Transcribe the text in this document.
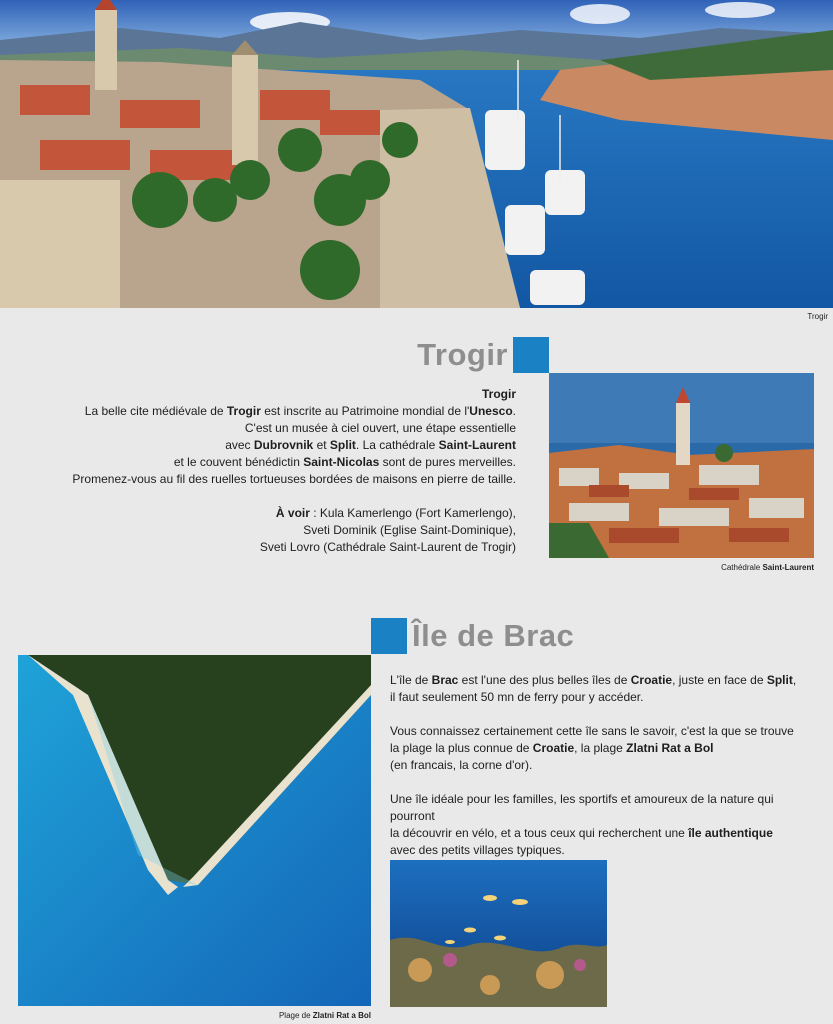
Trogir
Trogir

Trogir

La belle cite médiévale de Trogir est inscrite au Patrimoine mondial de l'Unesco.

C'est un musée à ciel ouvert, une étape essentielle

avec Dubrovnik et Split. La cathédrale Saint-Laurent

et le couvent bénédictin Saint-Nicolas sont de pures merveilles.

Promenez-vous au fil des ruelles tortueuses bordées de maisons en pierre de taille.

À voir : Kula Kamerlengo (Fort Kamerlengo),

Sveti Dominik (Eglise Saint-Dominique),

Sveti Lovro (Cathédrale Saint-Laurent de Trogir)

Cathédrale Saint-Laurent
Île de Brac
Plage de Zlatni Rat a Bol

L'île de Brac est l'une des plus belles îles de Croatie, juste en face de Split,

il faut seulement 50 mn de ferry pour y accéder.

Vous connaissez certainement cette île sans le savoir, c'est la que se trouve

la plage la plus connue de Croatie, la plage Zlatni Rat a Bol

(en francais, la corne d'or).

Une île idéale pour les familles, les sportifs et amoureux de la nature qui pourront

la découvrir en vélo, et a tous ceux qui recherchent une île authentique

avec des petits villages typiques.
